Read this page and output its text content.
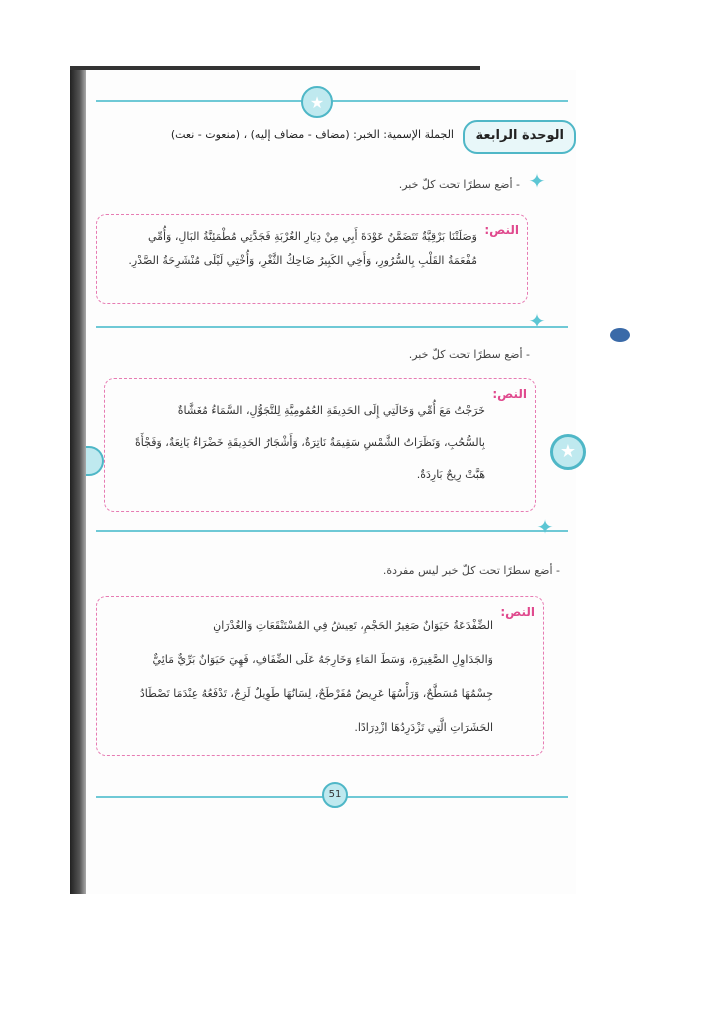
★
الوحدة الرابعة
الجملة الإسمية: الخبر: (مضاف - مضاف إليه) ، (منعوت - نعت)
✦
- أضع سطرًا تحت كلّ خبر.
النص:
وَصَلَتْنَا بَرْقِيَّةٌ تَتَضَمَّنُ عَوْدَةَ أَبِي مِنْ دِيَارِ الغُرْبَةِ فَجَدَّتِي مُطْمَئِنَّةُ البَالِ، وَأُمِّي
مُفْعَمَةُ القَلْبِ بِالسُّرُورِ، وَأَخِي الكَبِيرُ ضَاحِكُ الثَّغْرِ، وَأُخْتِي لَيْلَى مُنْشَرِحَةُ الصَّدْرِ.
✦
- أضع سطرًا تحت كلّ خبر.
النص:
خَرَجْتُ مَعَ أُمِّي وَخَالَتِي إِلَى الحَدِيقَةِ العُمُومِيَّةِ لِلتَّجَوُّلِ، السَّمَاءُ مُغَشَّاةٌ
بِالسُّحُبِ، وَنَظَرَاتُ الشَّمْسِ سَقِيمَةٌ نَاتِرَةٌ، وَأَشْجَارُ الحَدِيقَةِ خَضْرَاءُ يَانِعَةٌ، وَفَجْأَةً
هَبَّتْ رِيحٌ بَارِدَةٌ.
★
✦
- أضع سطرًا تحت كلّ خبر ليس مفردة.
النص:
الضِّفْدَعَةُ حَيَوَانٌ صَغِيرُ الحَجْمِ، تَعِيشُ فِي المُسْتَنْقَعَاتِ وَالغُدْرَانِ
وَالجَدَاوِلِ الصَّغِيرَةِ، وَسَطَ المَاءِ وَخَارِجَهُ عَلَى الضِّفَافِ، فَهِيَ حَيَوَانٌ بَرِّيٌّ مَائِيٌّ
جِسْمُهَا مُسَطَّحٌ، وَرَأْسُهَا عَرِيضٌ مُفَرْطَحٌ، لِسَانُهَا طَوِيلٌ لَزِجٌ، تَدْفَعُهُ عِنْدَمَا تَصْطَادُ
الحَشَرَاتِ الَّتِي تَزْدَرِدُهَا ازْدِرَادًا.
51
